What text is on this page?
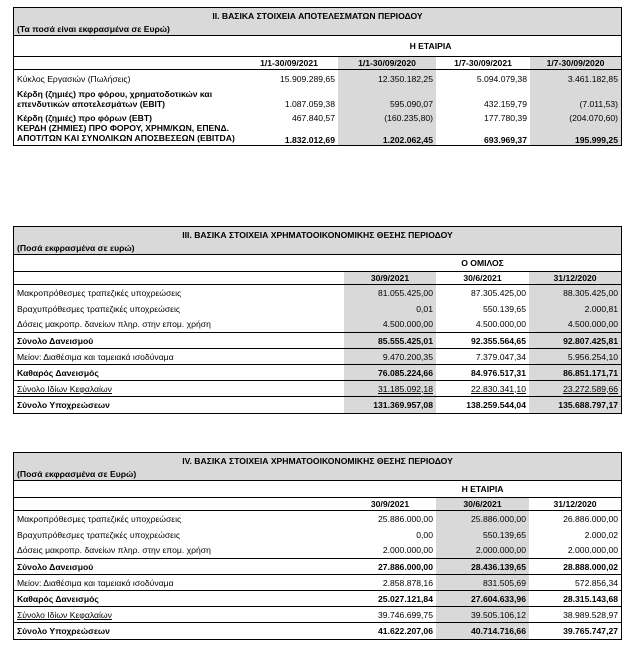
II. ΒΑΣΙΚΑ ΣΤΟΙΧΕΙΑ ΑΠΟΤΕΛΕΣΜΑΤΩΝ ΠΕΡΙΟΔΟΥ				
(Τα ποσά είναι εκφρασμένα σε Ευρώ)				
	Η ΕΤΑΙΡΙΑ			
	1/1-30/09/2021	1/1-30/09/2020	1/7-30/09/2021	1/7-30/09/2020
Κύκλος Εργασιών (Πωλήσεις)	15.909.289,65	12.350.182,25	5.094.079,38	3.461.182,85
Κέρδη (ζημιές) προ φόρου, χρηματοδοτικών και επενδυτικών αποτελεσμάτων (EBIT)	1.087.059,38	595.090,07	432.159,79	(7.011,53)
Κέρδη (ζημιές) προ φόρων (EBT)	467.840,57	(160.235,80)	177.780,39	(204.070,60)
ΚΕΡΔΗ (ΖΗΜΙΕΣ) ΠΡΟ ΦΟΡΟΥ, ΧΡΗΜ/ΚΩΝ, ΕΠΕΝΔ. ΑΠΟΤ/ΤΩΝ ΚΑΙ ΣΥΝΟΛΙΚΩΝ ΑΠΟΣΒΕΣΕΩΝ (EBITDA)	1.832.012,69	1.202.062,45	693.969,37	195.999,25
III. ΒΑΣΙΚΑ ΣΤΟΙΧΕΙΑ ΧΡΗΜΑΤΟΟΙΚΟΝΟΜΙΚΗΣ ΘΕΣΗΣ ΠΕΡΙΟΔΟΥ			
(Ποσά εκφρασμένα σε ευρώ)			
	Ο ΟΜΙΛΟΣ		
	30/9/2021	30/6/2021	31/12/2020
Μακροπρόθεσμες τραπεζικές υποχρεώσεις	81.055.425,00	87.305.425,00	88.305.425,00
Βραχυπρόθεσμες τραπεζικές υποχρεώσεις	0,01	550.139,65	2.000,81
Δόσεις μακροπρ. δανείων πληρ. στην επομ. χρήση	4.500.000,00	4.500.000,00	4.500.000,00
Σύνολο Δανεισμού	85.555.425,01	92.355.564,65	92.807.425,81
Μείον: Διαθέσιμα και ταμειακά ισοδύναμα	9.470.200,35	7.379.047,34	5.956.254,10
Καθαρός Δανεισμός	76.085.224,66	84.976.517,31	86.851.171,71
Σύνολο Ιδίων Κεφαλαίων	31.185.092,18	22.830.341,10	23.272.589,66
Σύνολο Υποχρεώσεων	131.369.957,08	138.259.544,04	135.688.797,17
IV. ΒΑΣΙΚΑ ΣΤΟΙΧΕΙΑ ΧΡΗΜΑΤΟΟΙΚΟΝΟΜΙΚΗΣ ΘΕΣΗΣ ΠΕΡΙΟΔΟΥ			
(Ποσά εκφρασμένα σε Ευρώ)			
	Η ΕΤΑΙΡΙΑ		
	30/9/2021	30/6/2021	31/12/2020
Μακροπρόθεσμες τραπεζικές υποχρεώσεις	25.886.000,00	25.886.000,00	26.886.000,00
Βραχυπρόθεσμες τραπεζικές υποχρεώσεις	0,00	550.139,65	2.000,02
Δόσεις μακροπρ. δανείων πληρ. στην επομ. χρήση	2.000.000,00	2.000.000,00	2.000.000,00
Σύνολο Δανεισμού	27.886.000,00	28.436.139,65	28.888.000,02
Μείον: Διαθέσιμα και ταμειακά ισοδύναμα	2.858.878,16	831.505,69	572.856,34
Καθαρός Δανεισμός	25.027.121,84	27.604.633,96	28.315.143,68
Σύνολο Ιδίων Κεφαλαίων	39.746.699,75	39.505.106,12	38.989.528,97
Σύνολο Υποχρεώσεων	41.622.207,06	40.714.716,66	39.765.747,27
